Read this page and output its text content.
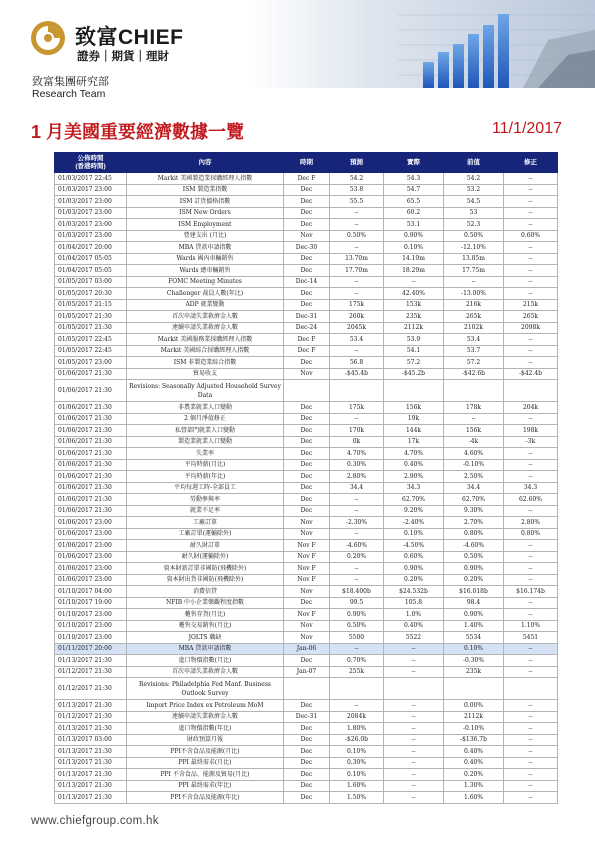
致富CHIEF
證券｜期貨｜理財
致富集團研究部
Research Team
1 月美國重要經濟數據一覽	11/1/2017
公佈時間
(香港時間)	內容	時期	預測	實際	前值	修正
01/03/2017 22:45	Markit 美國製造業採購經理人指數	Dec F	54.2	54.3	54.2	--
01/03/2017 23:00	ISM 製造業指數	Dec	53.8	54.7	53.2	--
01/03/2017 23:00	ISM 訂貨價格指數	Dec	55.5	65.5	54.5	--
01/03/2017 23:00	ISM New Orders	Dec	--	60.2	53	--
01/03/2017 23:00	ISM Employment	Dec	--	53.1	52.3	--
01/03/2017 23:00	營建支出 (月比)	Nov	0.50%	0.90%	0.50%	0.60%
01/04/2017 20:00	MBA 貸款申請指數	Dec-30	--	0.10%	-12.10%	--
01/04/2017 05:05	Wards 國內車輛銷售	Dec	13.70m	14.19m	13.85m	--
01/04/2017 05:05	Wards 總車輛銷售	Dec	17.70m	18.29m	17.75m	--
01/05/2017 03:00	FOMC Meeting Minutes	Dec-14	--	--	--	--
01/05/2017 20:30	Challenger 裁員人數(年比)	Dec	--	42.40%	-13.00%	--
01/05/2017 21:15	ADP 就業變動	Dec	175k	153k	216k	215k
01/05/2017 21:30	首次申請失業救濟金人數	Dec-31	260k	235k	265k	265k
01/05/2017 21:30	連續申請失業救濟金人數	Dec-24	2045k	2112k	2102k	2098k
01/05/2017 22:45	Markit 美國服務業採購經理人指數	Dec F	53.4	53.9	53.4	--
01/05/2017 22:45	Markit 美國綜合採購經理人指數	Dec F	--	54.1	53.7	--
01/05/2017 23:00	ISM 非製造業綜合指數	Dec	56.8	57.2	57.2	--
01/06/2017 21:30	貿易收支	Nov	-$45.4b	-$45.2b	-$42.6b	-$42.4b
01/06/2017 21:30	Revisions: Seasonally Adjusted Household Survey Data					
01/06/2017 21:30	非農業就業人口變動	Dec	175k	156k	178k	204k
01/06/2017 21:30	2 個月淨值修正	Dec	--	19k	--	--
01/06/2017 21:30	私營部門就業人口變動	Dec	170k	144k	156k	198k
01/06/2017 21:30	製造業就業人口變動	Dec	0k	17k	-4k	-3k
01/06/2017 21:30	失業率	Dec	4.70%	4.70%	4.60%	--
01/06/2017 21:30	平均時薪(月比)	Dec	0.30%	0.40%	-0.10%	--
01/06/2017 21:30	平均時薪(年比)	Dec	2.80%	2.90%	2.50%	--
01/06/2017 21:30	平均每週工時-全部員工	Dec	34.4	34.3	34.4	34.3
01/06/2017 21:30	勞動參與率	Dec	--	62.70%	62.70%	62.60%
01/06/2017 21:30	就業不足率	Dec	--	9.20%	9.30%	--
01/06/2017 23:00	工廠訂單	Nov	-2.30%	-2.40%	2.70%	2.80%
01/06/2017 23:00	工廠訂單(運輸除外)	Nov	--	0.10%	0.80%	0.80%
01/06/2017 23:00	耐久財訂單	Nov F	-4.60%	-4.50%	-4.60%	--
01/06/2017 23:00	耐久財(運輸除外)	Nov F	0.20%	0.60%	0.50%	--
01/06/2017 23:00	資本財新訂單非國防(飛機除外)	Nov F	--	0.90%	0.90%	--
01/06/2017 23:00	資本財出貨非國防(飛機除外)	Nov F	--	0.20%	0.20%	--
01/10/2017 04:00	消費信貸	Nov	$18.400b	$24.532b	$16.018b	$16.174b
01/10/2017 19:00	NFIB 中小企業樂觀程度指數	Dec	99.5	105.8	98.4	--
01/10/2017 23:00	躉售存貨(月比)	Nov F	0.90%	1.0%	0.90%	--
01/10/2017 23:00	躉售交易銷售(月比)	Nov	0.50%	0.40%	1.40%	1.10%
01/10/2017 23:00	JOLTS 職缺	Nov	5500	5522	5534	5451
01/11/2017 20:00	MBA 貸款申請指數	Jan-06	--	--	0.10%	--
01/13/2017 21:30	進口物價指數(月比)	Dec	0.70%	--	-0.30%	--
01/12/2017 21:30	首次申請失業救濟金人數	Jan-07	255k	--	235k	--
01/12/2017 21:30	Revisions: Philadelphia Fed Manf. Business Outlook Survey					
01/13/2017 21:30	Import Price Index ex Petroleum MoM	Dec	--	--	0.00%	--
01/12/2017 21:30	連續申請失業救濟金人數	Dec-31	2084k	--	2112k	--
01/13/2017 21:30	進口物價指數(年比)	Dec	1.80%	--	-0.10%	--
01/13/2017 03:00	財政預算月報	Dec	-$26.0b	--	-$136.7b	--
01/13/2017 21:30	PPI不含食品及能源(月比)	Dec	0.10%	--	0.40%	--
01/13/2017 21:30	PPI 最終需求(月比)	Dec	0.30%	--	0.40%	--
01/13/2017 21:30	PPI 不含食品、能源及貿易(月比)	Dec	0.10%	--	0.20%	--
01/13/2017 21:30	PPI 最終需求(年比)	Dec	1.60%	--	1.30%	--
01/13/2017 21:30	PPI不含食品及能源(年比)	Dec	1.50%	--	1.60%	--
www.chiefgroup.com.hk
